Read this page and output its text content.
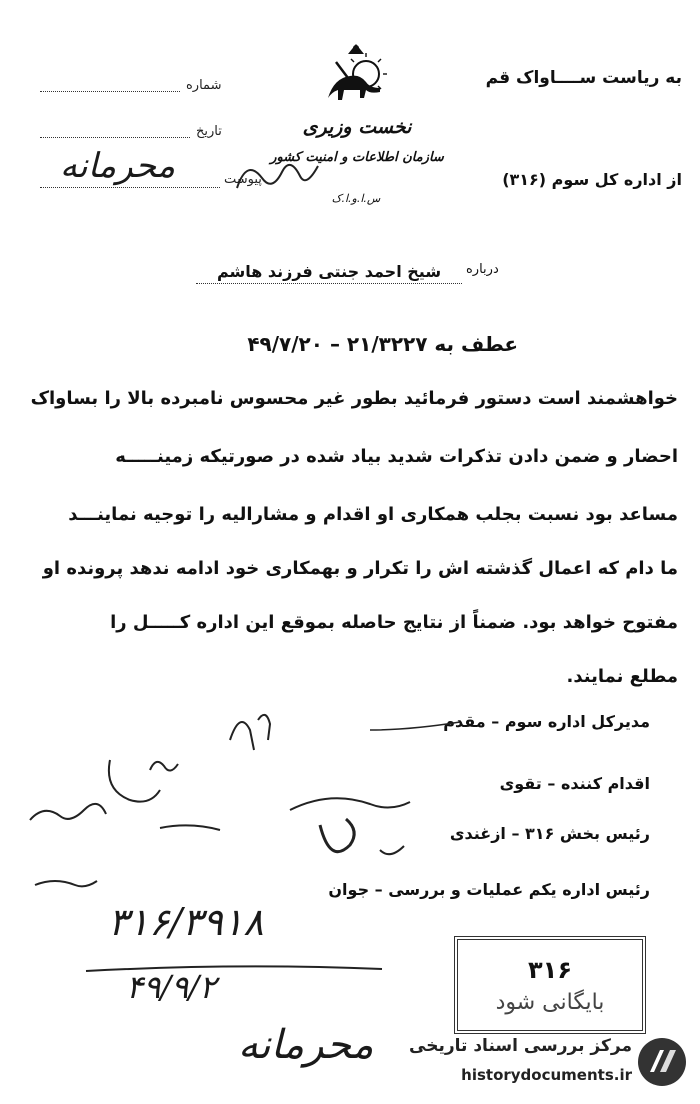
به ریاست ســــاواک قم
از اداره کل سوم (۳۱۶)
نخست وزیری
سازمان اطلاعات و امنیت کشور
س.ا.و.ا.ک
شماره
تاریخ
پیوست
محرمانه
درباره
شیخ احمد جنتی فرزند هاشم
عطف به ۲۱/۳۲۲۷ – ۴۹/۷/۲۰
خواهشمند است دستور فرمائید بطور غیر محسوس نامبرده بالا را بساواک
احضار و ضمن دادن تذکرات شدید بیاد شده در صورتیکه زمینـــــه
مساعد بود نسبت بجلب همکاری او اقدام و مشارالیه را توجیه نماینـــد
ما دام که اعمال گذشته اش را تکرار و بهمکاری خود ادامه ندهد پرونده او
مفتوح خواهد بود. ضمناً از نتایج حاصله بموقع این اداره کـــــل را
مطلع نمایند.
مدیرکل اداره سوم – مقدم
اقدام کننده – تقوی
رئیس بخش ۳۱۶ – ازغندی
رئیس اداره یکم عملیات و بررسی – جوان
۳۱۶/۳۹۱۸
۴۹/۹/۲	۳۱۶
بایگانی شود
محرمانه مرکز بررسی اسناد تاریخی
historydocuments.ir
